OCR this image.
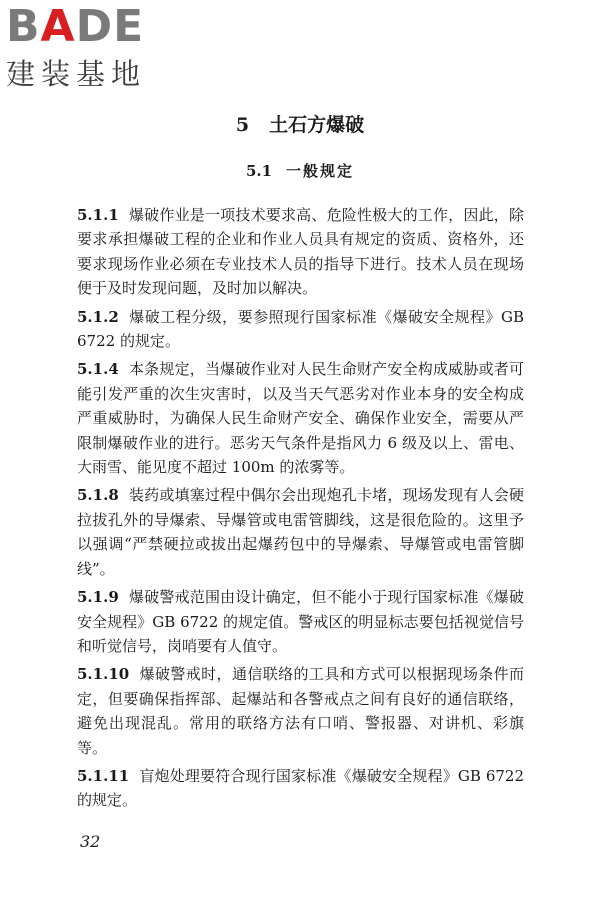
BADE
建装基地
5 土石方爆破
5.1 一般规定

5.1.1 爆破作业是一项技术要求高、危险性极大的工作，因此，除要求承担爆破工程的企业和作业人员具有规定的资质、资格外，还要求现场作业必须在专业技术人员的指导下进行。技术人员在现场便于及时发现问题，及时加以解决。

5.1.2 爆破工程分级，要参照现行国家标准《爆破安全规程》GB 6722 的规定。

5.1.4 本条规定，当爆破作业对人民生命财产安全构成威胁或者可能引发严重的次生灾害时，以及当天气恶劣对作业本身的安全构成严重威胁时，为确保人民生命财产安全、确保作业安全，需要从严限制爆破作业的进行。恶劣天气条件是指风力 6 级及以上、雷电、大雨雪、能见度不超过 100m 的浓雾等。

5.1.8 装药或填塞过程中偶尔会出现炮孔卡堵，现场发现有人会硬拉拔孔外的导爆索、导爆管或电雷管脚线，这是很危险的。这里予以强调“严禁硬拉或拔出起爆药包中的导爆索、导爆管或电雷管脚线”。

5.1.9 爆破警戒范围由设计确定，但不能小于现行国家标准《爆破安全规程》GB 6722 的规定值。警戒区的明显标志要包括视觉信号和听觉信号，岗哨要有人值守。

5.1.10 爆破警戒时，通信联络的工具和方式可以根据现场条件而定，但要确保指挥部、起爆站和各警戒点之间有良好的通信联络，避免出现混乱。常用的联络方法有口哨、警报器、对讲机、彩旗等。

5.1.11 盲炮处理要符合现行国家标准《爆破安全规程》GB 6722 的规定。

32
